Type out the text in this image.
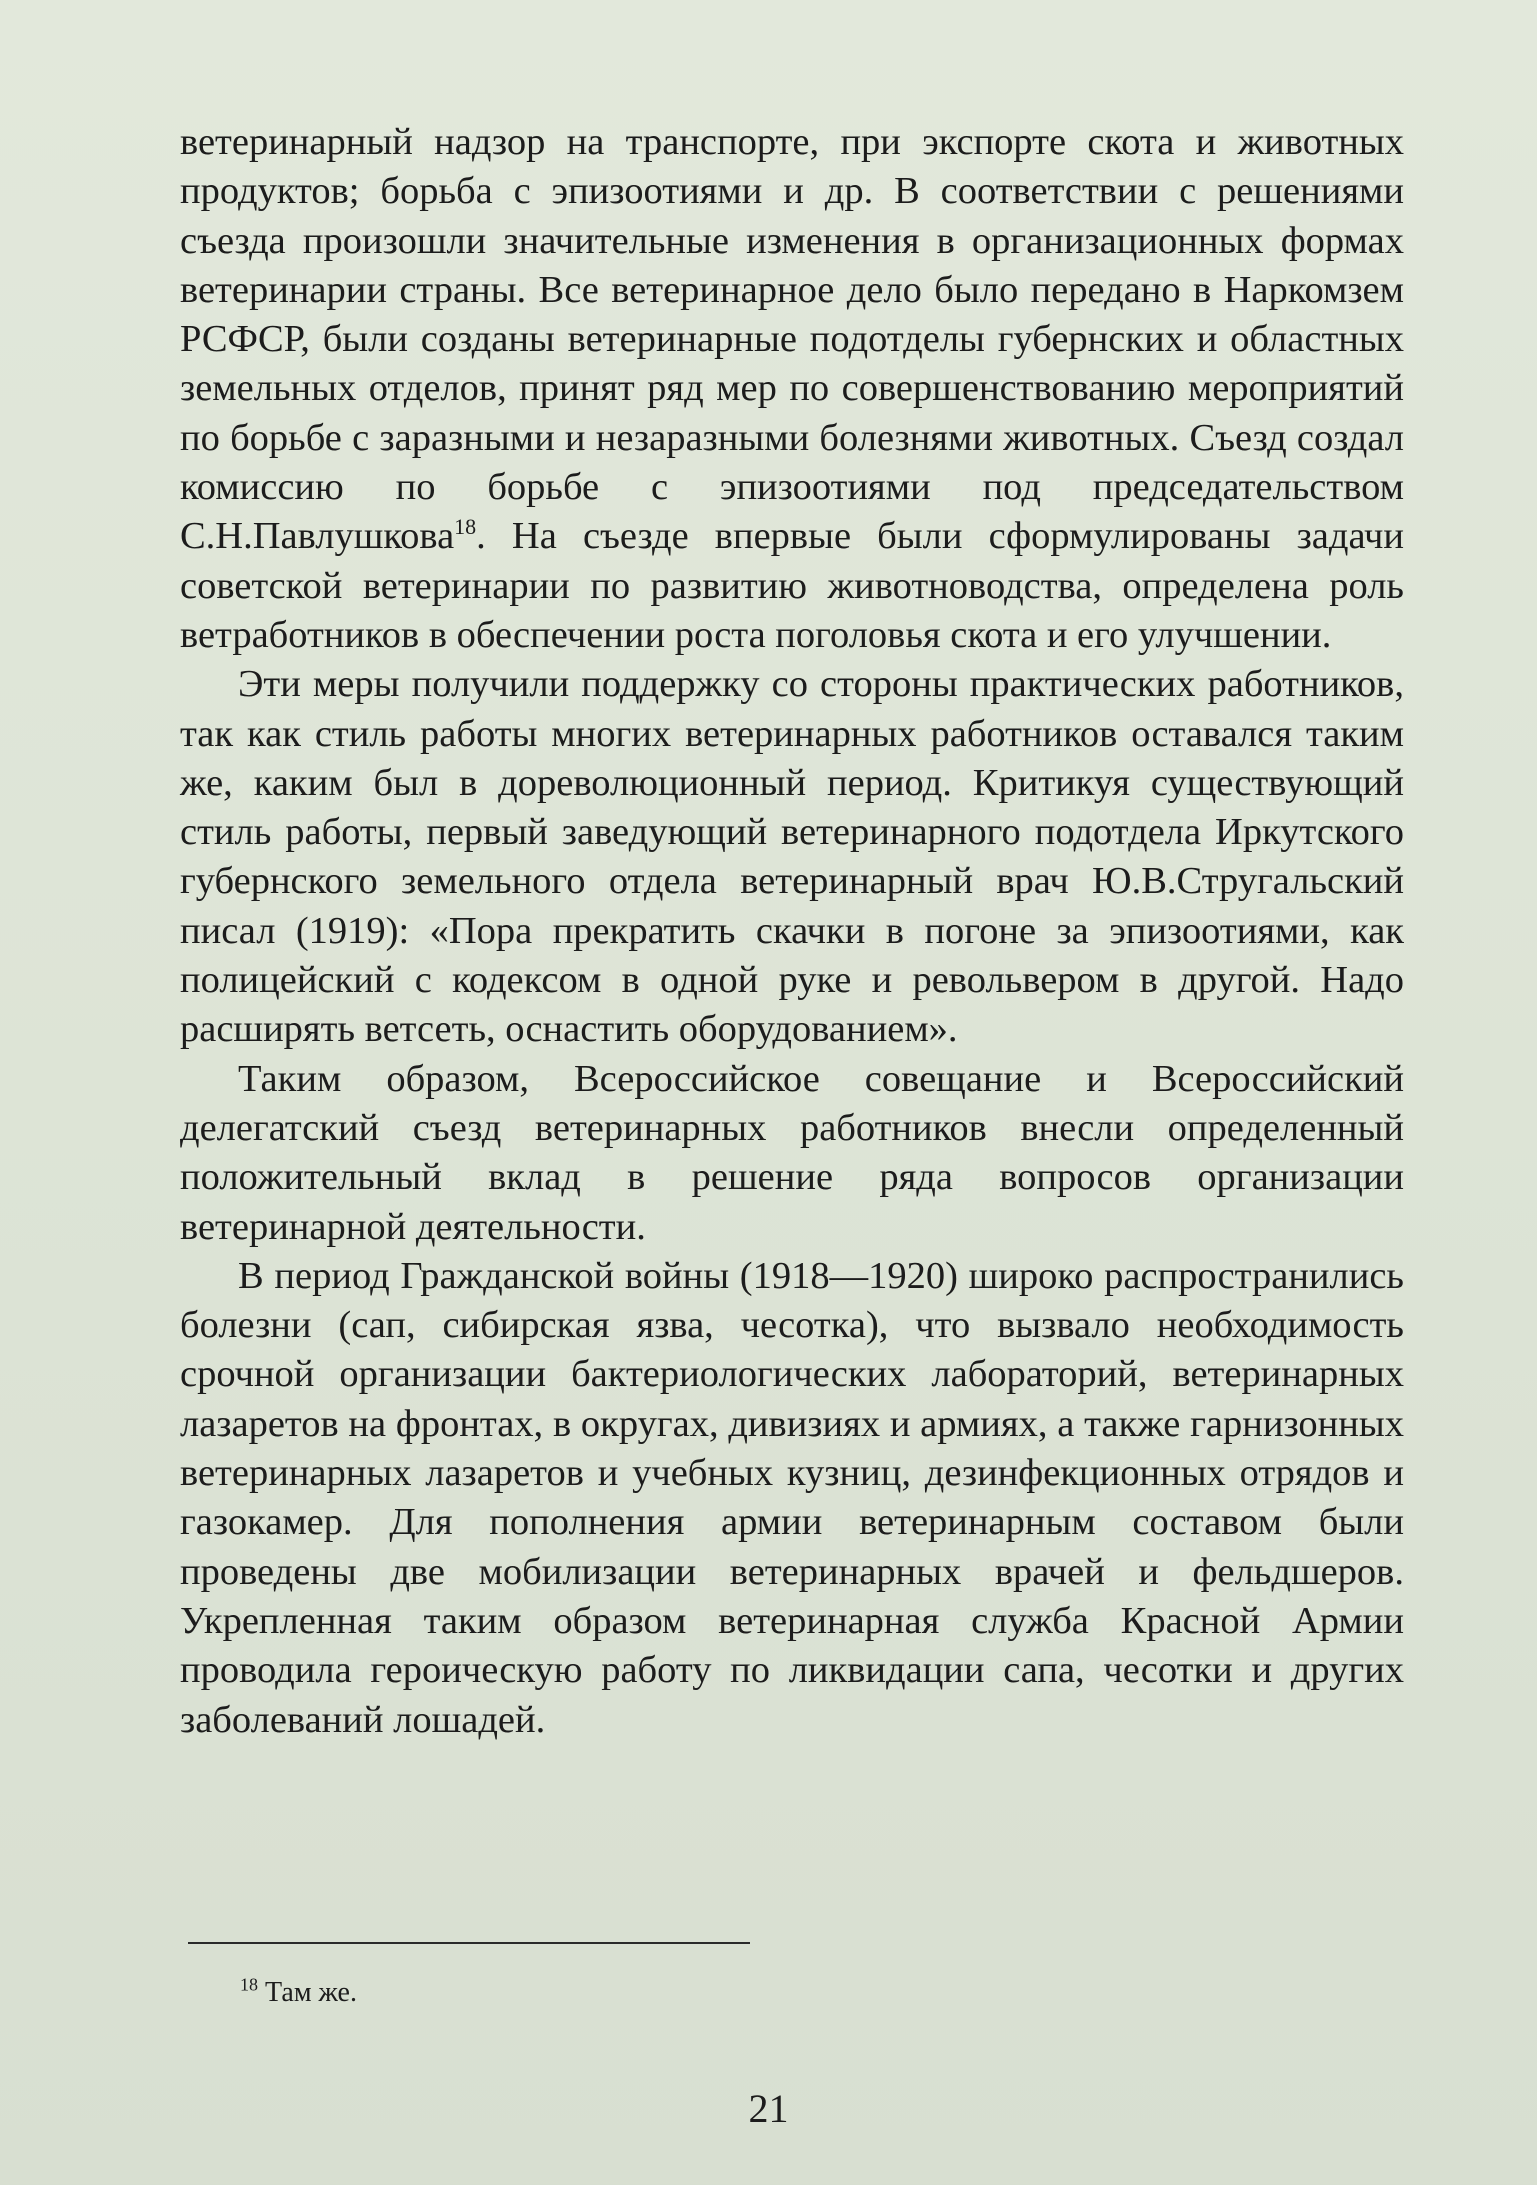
ветеринарный надзор на транспорте, при экспорте скота и животных продуктов; борьба с эпизоотиями и др. В соответствии с решениями съезда произошли значительные изменения в организационных формах ветеринарии страны. Все ветеринарное дело было передано в Наркомзем РСФСР, были созданы ветеринарные подотделы губернских и областных земельных отделов, принят ряд мер по совершенствованию мероприятий по борьбе с заразными и незаразными болезнями животных. Съезд создал комиссию по борьбе с эпизоотиями под председательством С.Н.Павлушкова$^{18}$. На съезде впервые были сформулированы задачи советской ветеринарии по развитию животноводства, определена роль ветработников в обеспечении роста поголовья скота и его улучшении.

Эти меры получили поддержку со стороны практических работников, так как стиль работы многих ветеринарных работников оставался таким же, каким был в дореволюционный период. Критикуя существующий стиль работы, первый заведующий ветеринарного подотдела Иркутского губернского земельного отдела ветеринарный врач Ю.В.Стругальский писал (1919): «Пора прекратить скачки в погоне за эпизоотиями, как полицейский с кодексом в одной руке и револьвером в другой. Надо расширять ветсеть, оснастить оборудованием».

Таким образом, Всероссийское совещание и Всероссийский делегатский съезд ветеринарных работников внесли определенный положительный вклад в решение ряда вопросов организации ветеринарной деятельности.

В период Гражданской войны (1918—1920) широко распространились болезни (сап, сибирская язва, чесотка), что вызвало необходимость срочной организации бактериологических лабораторий, ветеринарных лазаретов на фронтах, в округах, дивизиях и армиях, а также гарнизонных ветеринарных лазаретов и учебных кузниц, дезинфекционных отрядов и газокамер. Для пополнения армии ветеринарным составом были проведены две мобилизации ветеринарных врачей и фельдшеров. Укрепленная таким образом ветеринарная служба Красной Армии проводила героическую работу по ликвидации сапа, чесотки и других заболеваний лошадей.

$^{18}$ Там же.
21
